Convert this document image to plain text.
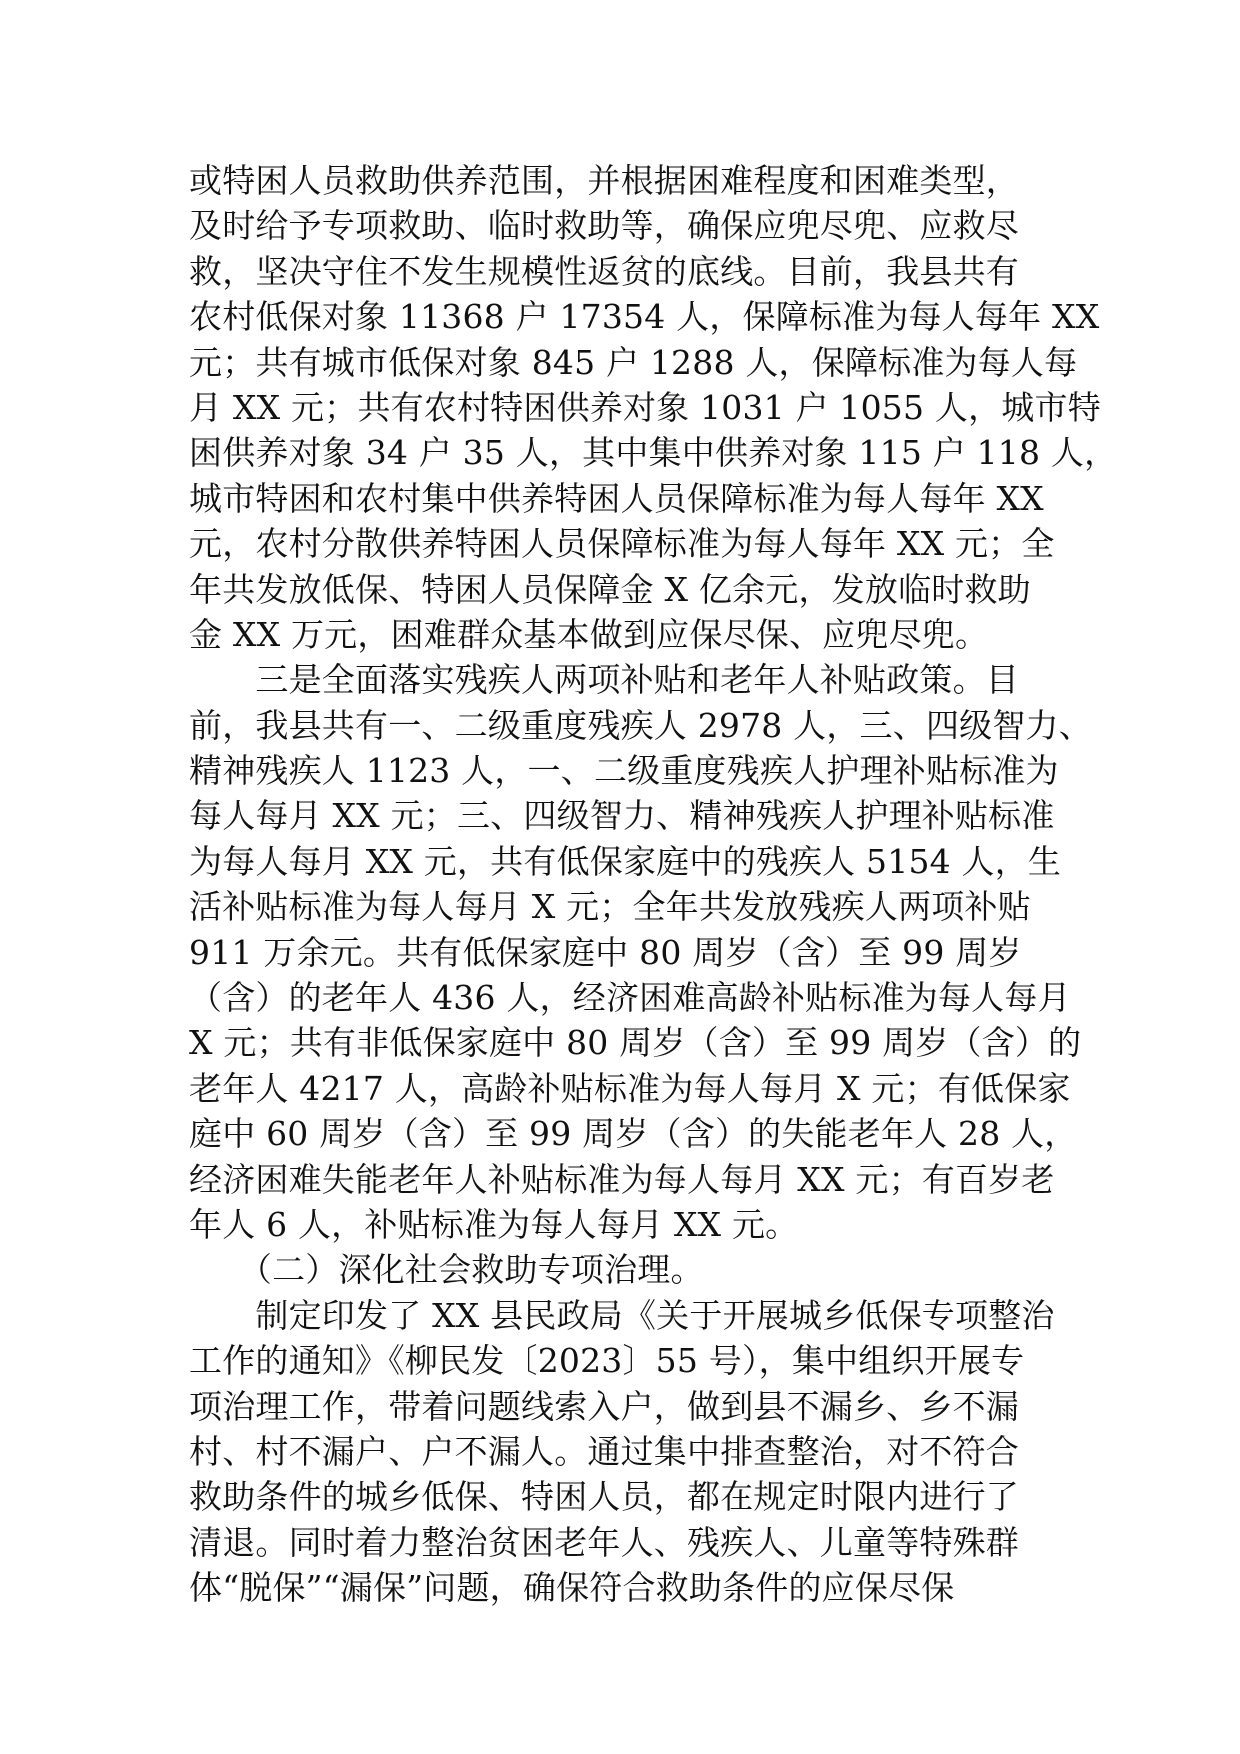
或特困人员救助供养范围，并根据困难程度和困难类型，
及时给予专项救助、临时救助等，确保应兜尽兜、应救尽
救，坚决守住不发生规模性返贫的底线。目前，我县共有
农村低保对象 11368 户 17354 人，保障标准为每人每年 XX
元；共有城市低保对象 845 户 1288 人，保障标准为每人每
月 XX 元；共有农村特困供养对象 1031 户 1055 人，城市特
困供养对象 34 户 35 人，其中集中供养对象 115 户 118 人，
城市特困和农村集中供养特困人员保障标准为每人每年 XX
元，农村分散供养特困人员保障标准为每人每年 XX 元；全
年共发放低保、特困人员保障金 X 亿余元，发放临时救助
金 XX 万元，困难群众基本做到应保尽保、应兜尽兜。
　　三是全面落实残疾人两项补贴和老年人补贴政策。目
前，我县共有一、二级重度残疾人 2978 人，三、四级智力、
精神残疾人 1123 人，一、二级重度残疾人护理补贴标准为
每人每月 XX 元；三、四级智力、精神残疾人护理补贴标准
为每人每月 XX 元，共有低保家庭中的残疾人 5154 人，生
活补贴标准为每人每月 X 元；全年共发放残疾人两项补贴
911 万余元。共有低保家庭中 80 周岁（含）至 99 周岁
（含）的老年人 436 人，经济困难高龄补贴标准为每人每月
X 元；共有非低保家庭中 80 周岁（含）至 99 周岁（含）的
老年人 4217 人，高龄补贴标准为每人每月 X 元；有低保家
庭中 60 周岁（含）至 99 周岁（含）的失能老年人 28 人，
经济困难失能老年人补贴标准为每人每月 XX 元；有百岁老
年人 6 人，补贴标准为每人每月 XX 元。
　　（二）深化社会救助专项治理。
　　制定印发了 XX 县民政局《关于开展城乡低保专项整治
工作的通知》《柳民发〔2023〕55 号），集中组织开展专
项治理工作，带着问题线索入户，做到县不漏乡、乡不漏
村、村不漏户、户不漏人。通过集中排查整治，对不符合
救助条件的城乡低保、特困人员，都在规定时限内进行了
清退。同时着力整治贫困老年人、残疾人、儿童等特殊群
体“脱保”“漏保”问题，确保符合救助条件的应保尽保
